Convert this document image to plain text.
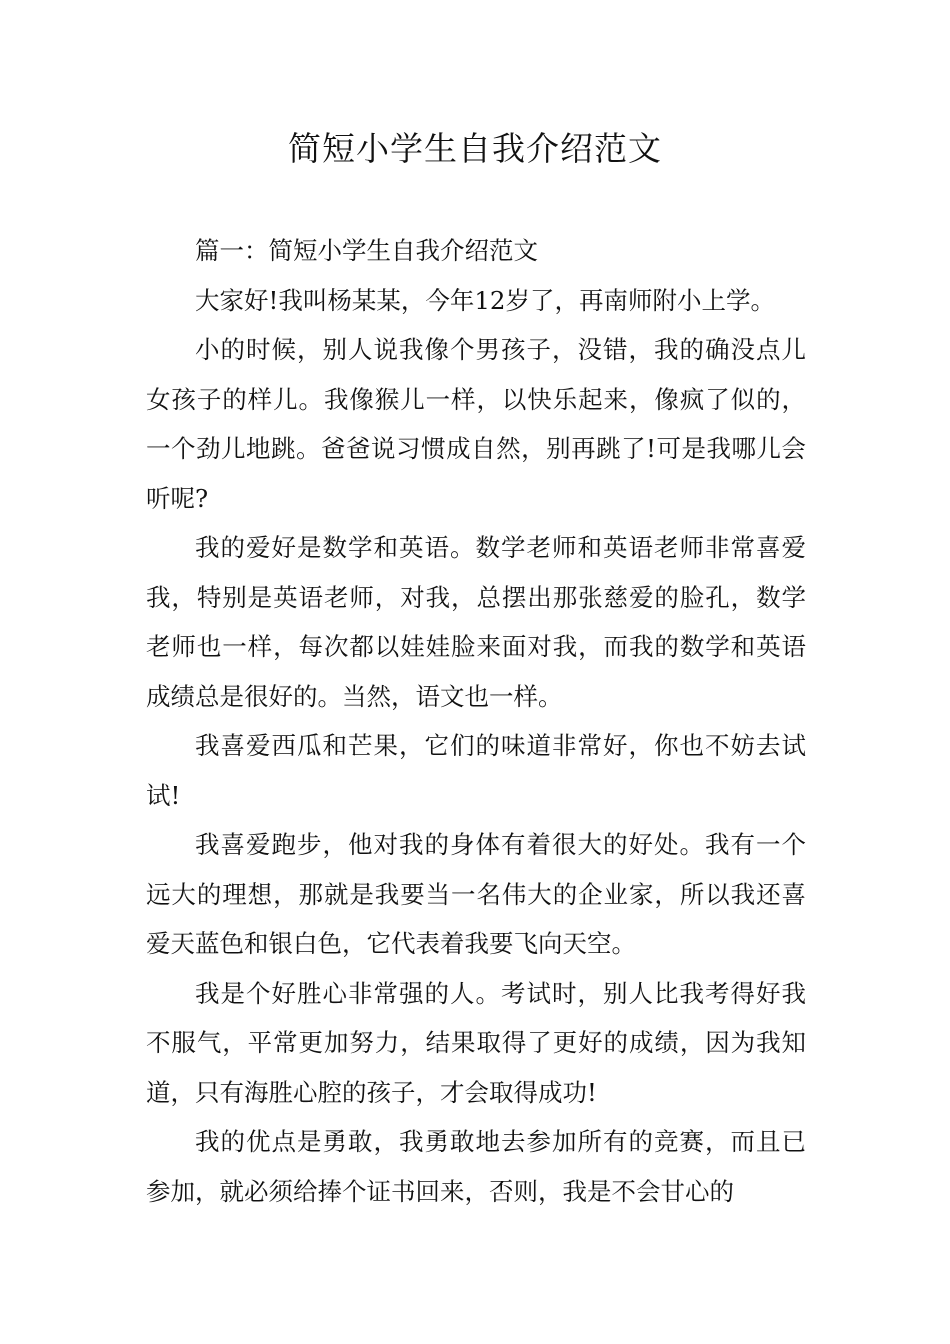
简短小学生自我介绍范文

篇一：简短小学生自我介绍范文

大家好!我叫杨某某，今年12岁了，再南师附小上学。

小的时候，别人说我像个男孩子，没错，我的确没点儿女孩子的样儿。我像猴儿一样，以快乐起来，像疯了似的，一个劲儿地跳。爸爸说习惯成自然，别再跳了!可是我哪儿会听呢?

我的爱好是数学和英语。数学老师和英语老师非常喜爱我，特别是英语老师，对我，总摆出那张慈爱的脸孔，数学老师也一样，每次都以娃娃脸来面对我，而我的数学和英语成绩总是很好的。当然，语文也一样。

我喜爱西瓜和芒果，它们的味道非常好，你也不妨去试试!

我喜爱跑步，他对我的身体有着很大的好处。我有一个远大的理想，那就是我要当一名伟大的企业家，所以我还喜爱天蓝色和银白色，它代表着我要飞向天空。

我是个好胜心非常强的人。考试时，别人比我考得好我不服气，平常更加努力，结果取得了更好的成绩，因为我知道，只有海胜心腔的孩子，才会取得成功!

我的优点是勇敢，我勇敢地去参加所有的竞赛，而且已参加，就必须给捧个证书回来，否则，我是不会甘心的
